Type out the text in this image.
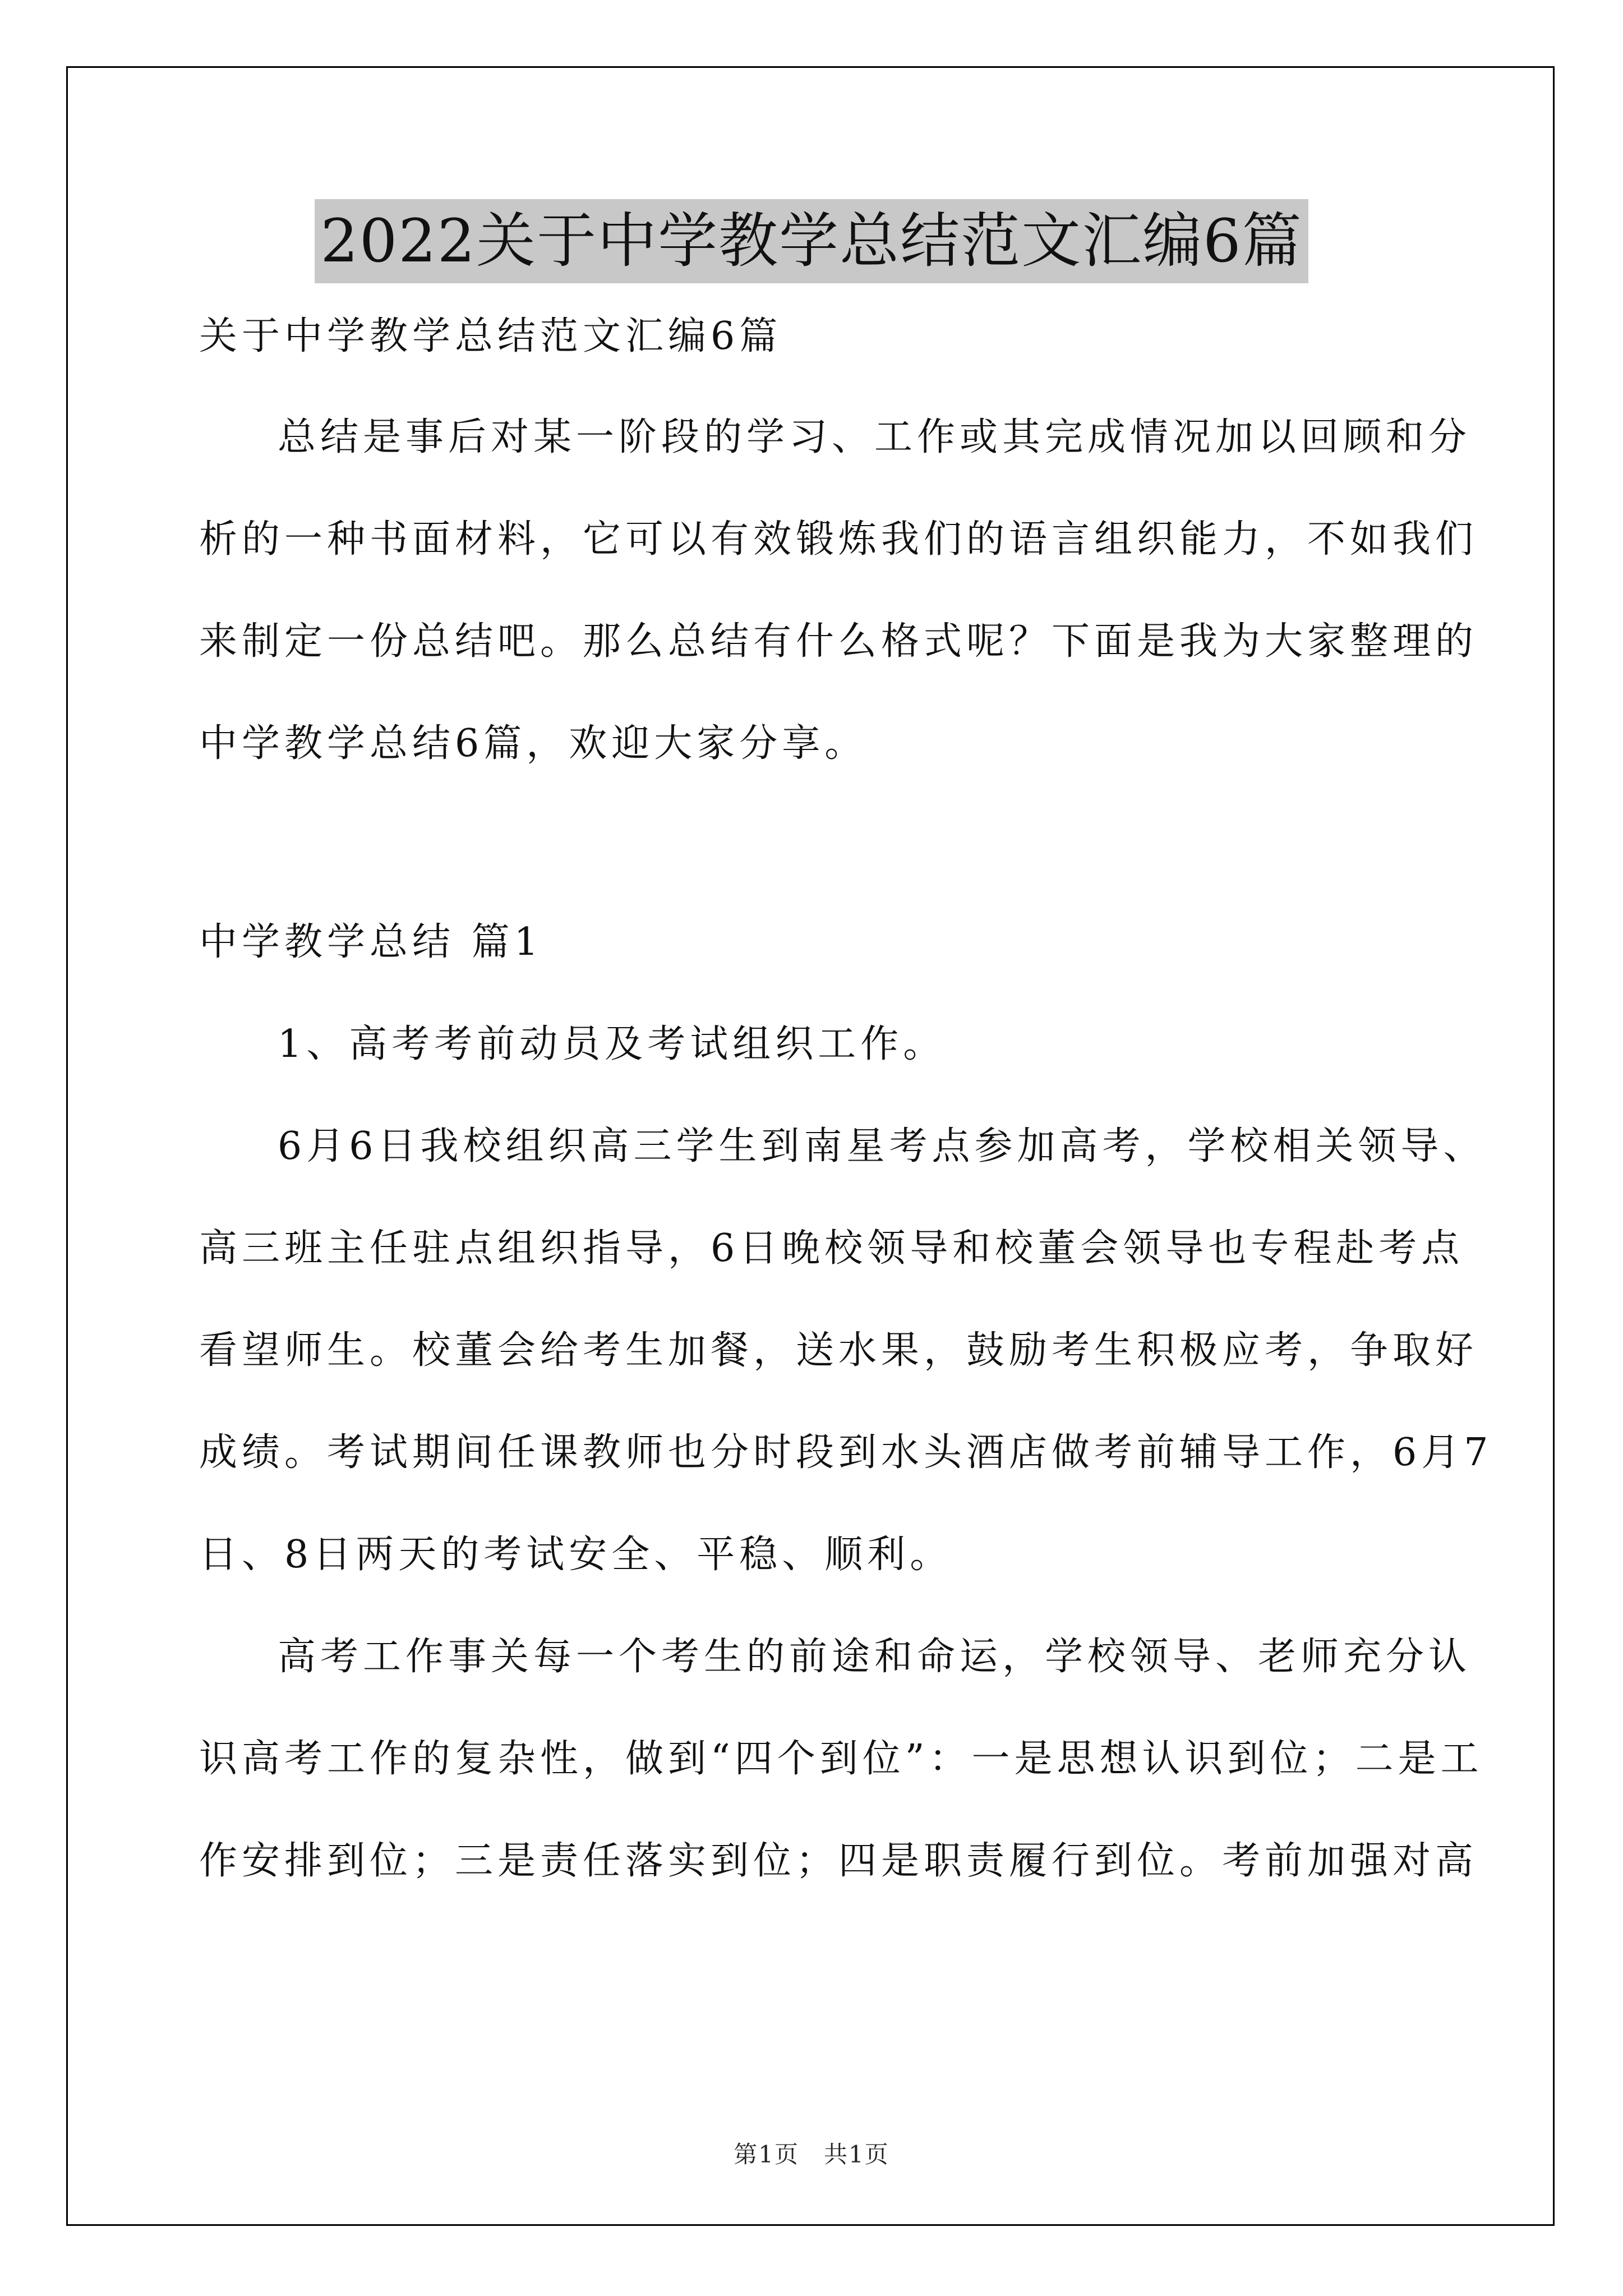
2022关于中学教学总结范文汇编6篇

关于中学教学总结范文汇编6篇

总结是事后对某一阶段的学习、工作或其完成情况加以回顾和分

析的一种书面材料，它可以有效锻炼我们的语言组织能力，不如我们

来制定一份总结吧。那么总结有什么格式呢？下面是我为大家整理的

中学教学总结6篇，欢迎大家分享。

中学教学总结 篇1

1、高考考前动员及考试组织工作。

6月6日我校组织高三学生到南星考点参加高考，学校相关领导、

高三班主任驻点组织指导，6日晚校领导和校董会领导也专程赴考点

看望师生。校董会给考生加餐，送水果，鼓励考生积极应考，争取好

成绩。考试期间任课教师也分时段到水头酒店做考前辅导工作，6月7

日、8日两天的考试安全、平稳、顺利。

高考工作事关每一个考生的前途和命运，学校领导、老师充分认

识高考工作的复杂性，做到“四个到位”：一是思想认识到位；二是工

作安排到位；三是责任落实到位；四是职责履行到位。考前加强对高

第1页　共1页
